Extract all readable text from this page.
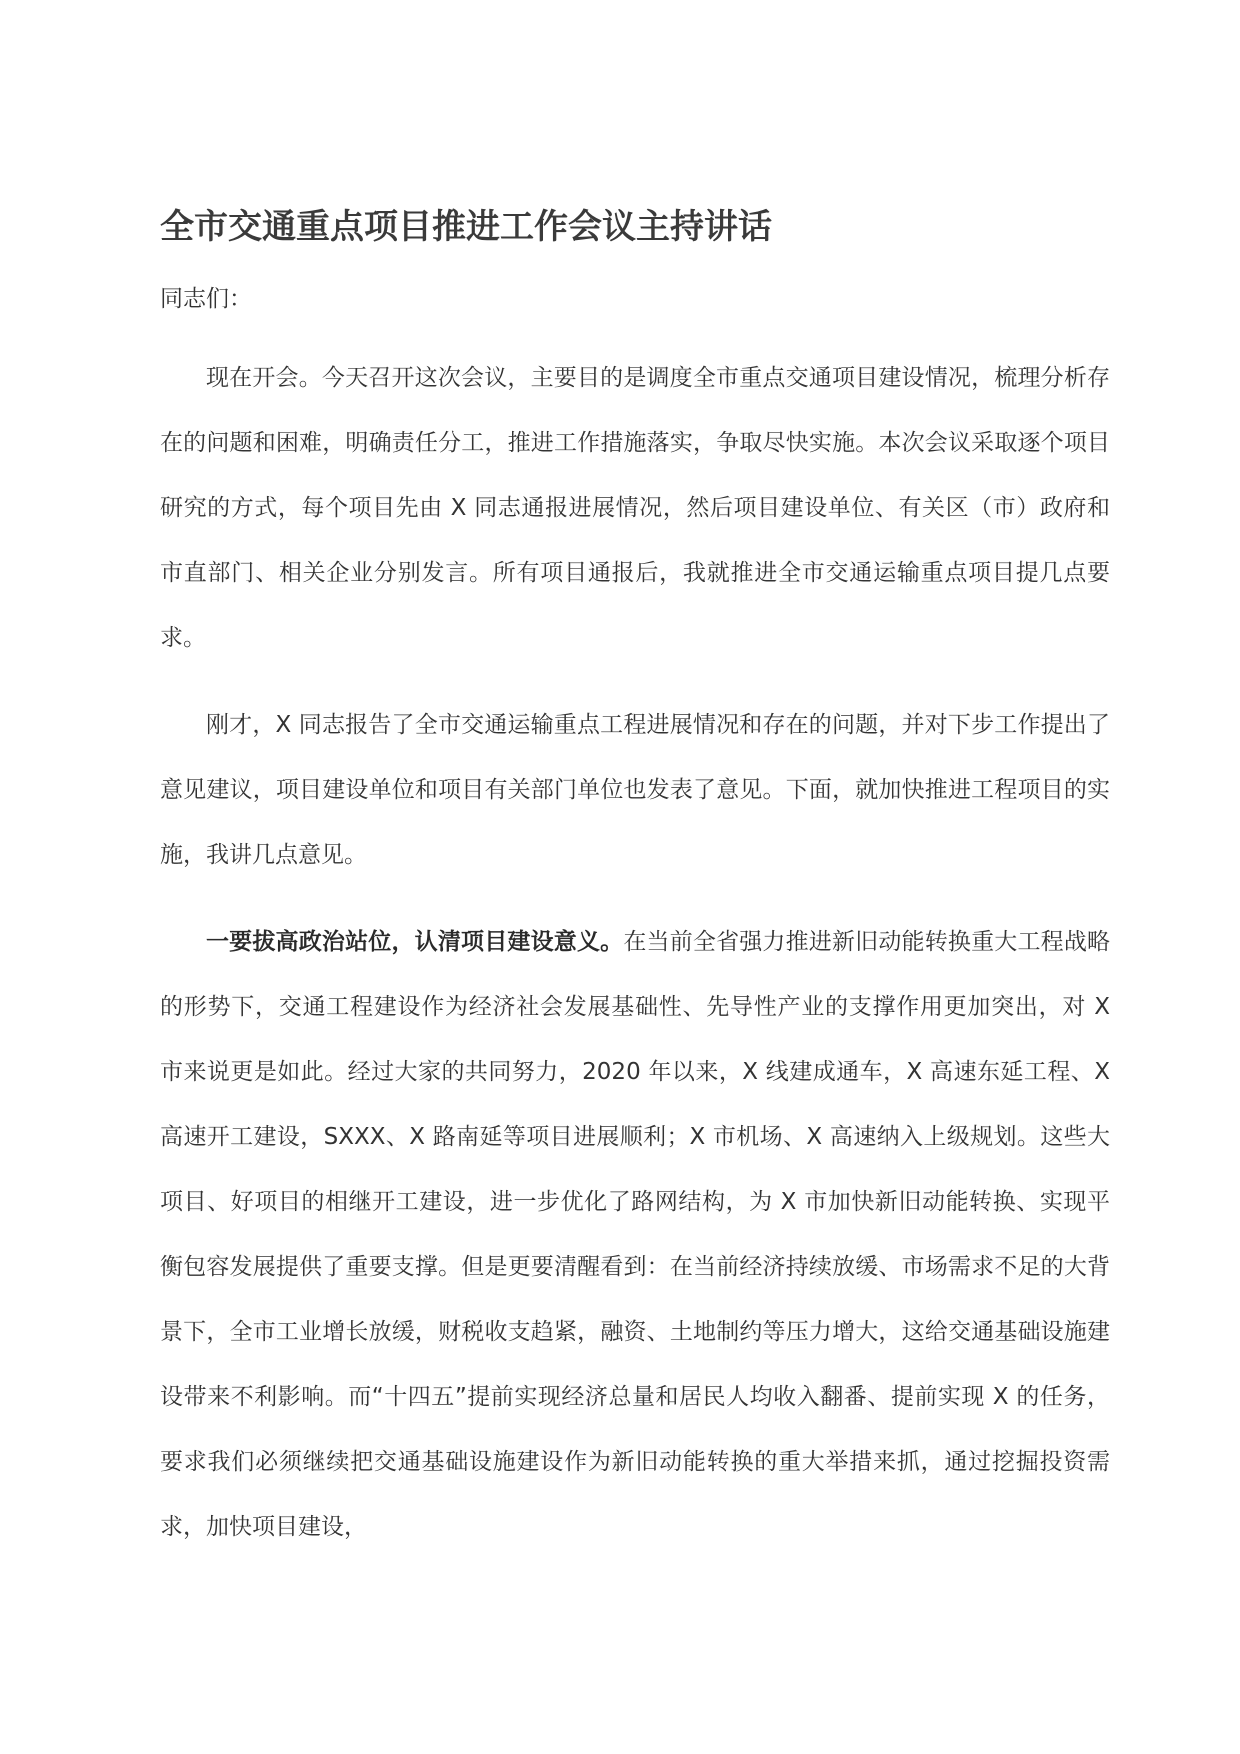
全市交通重点项目推进工作会议主持讲话

同志们：

现在开会。今天召开这次会议，主要目的是调度全市重点交通项目建设情况，梳理分析存在的问题和困难，明确责任分工，推进工作措施落实，争取尽快实施。本次会议采取逐个项目研究的方式，每个项目先由 X 同志通报进展情况，然后项目建设单位、有关区（市）政府和市直部门、相关企业分别发言。所有项目通报后，我就推进全市交通运输重点项目提几点要求。

刚才，X 同志报告了全市交通运输重点工程进展情况和存在的问题，并对下步工作提出了意见建议，项目建设单位和项目有关部门单位也发表了意见。下面，就加快推进工程项目的实施，我讲几点意见。

一要拔高政治站位，认清项目建设意义。在当前全省强力推进新旧动能转换重大工程战略的形势下，交通工程建设作为经济社会发展基础性、先导性产业的支撑作用更加突出，对 X 市来说更是如此。经过大家的共同努力，2020 年以来，X 线建成通车，X 高速东延工程、X 高速开工建设，SXXX、X 路南延等项目进展顺利；X 市机场、X 高速纳入上级规划。这些大项目、好项目的相继开工建设，进一步优化了路网结构，为 X 市加快新旧动能转换、实现平衡包容发展提供了重要支撑。但是更要清醒看到：在当前经济持续放缓、市场需求不足的大背景下，全市工业增长放缓，财税收支趋紧，融资、土地制约等压力增大，这给交通基础设施建设带来不利影响。而“十四五”提前实现经济总量和居民人均收入翻番、提前实现 X 的任务，要求我们必须继续把交通基础设施建设作为新旧动能转换的重大举措来抓，通过挖掘投资需求，加快项目建设，
